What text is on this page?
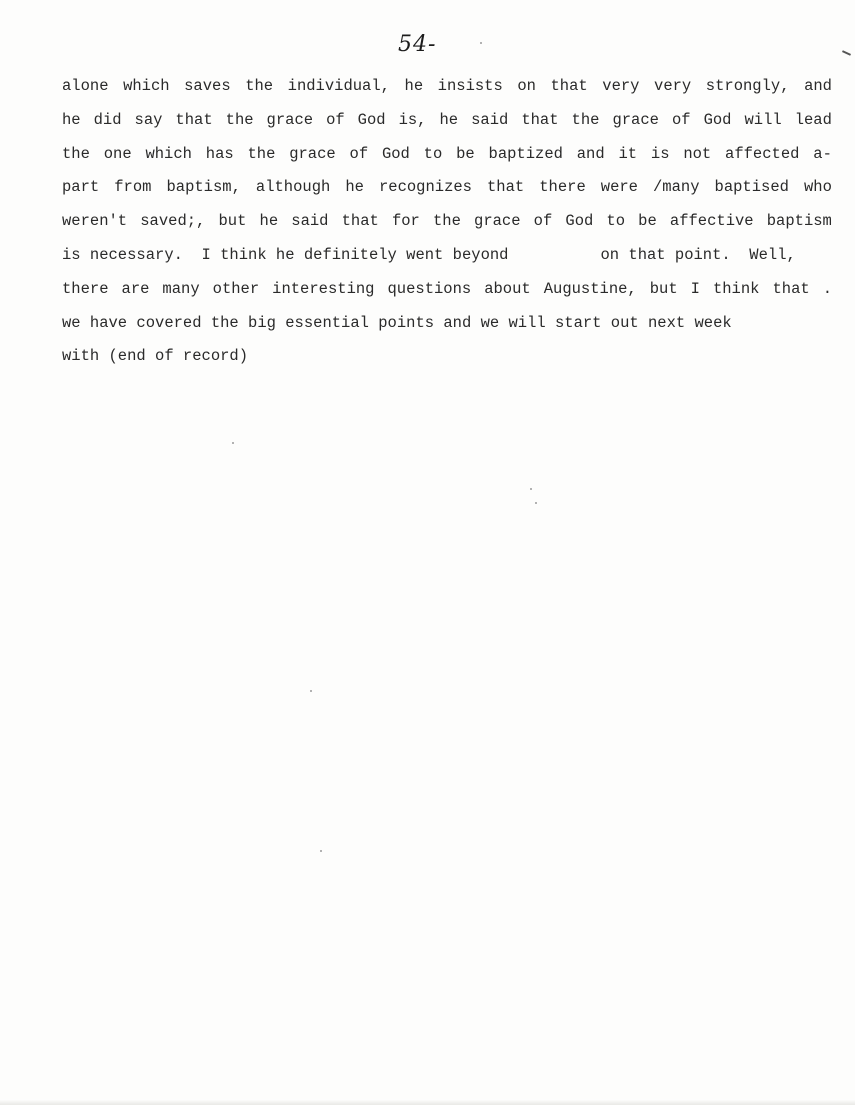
54-
alone which saves the individual, he insists on that very very strongly, and
he did say that the grace of God is, he said that the grace of God will lead
the one which has the grace of God to be baptized and it is not affected a-
part from baptism, although he recognizes that there were /many baptised who
weren't saved;, but he said that for the grace of God to be affective baptism
is necessary.  I think he definitely went beyond	on that point.  Well,
there are many other interesting questions about Augustine, but I think that .
we have covered the big essential points and we will start out next week
with (end of record)
